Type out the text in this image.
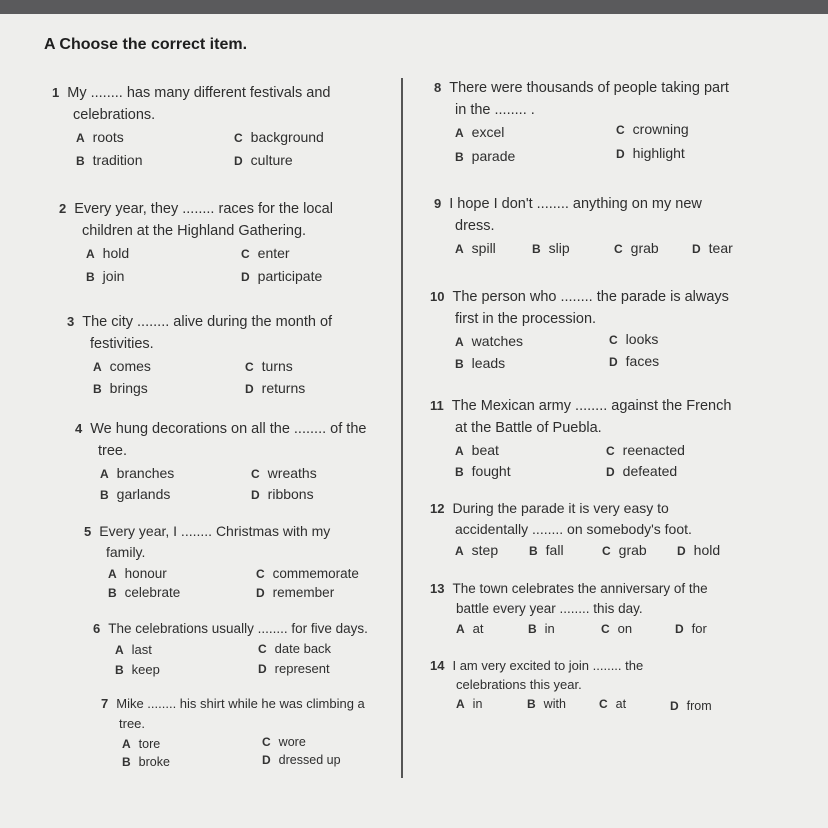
A Choose the correct item.
1 My ........ has many different festivals and
celebrations.
A roots
B tradition
C background
D culture
2 Every year, they ........ races for the local
children at the Highland Gathering.
A hold
B join
C enter
D participate
3 The city ........ alive during the month of
festivities.
A comes
B brings
C turns
D returns
4 We hung decorations on all the ........ of the
tree.
A branches
B garlands
C wreaths
D ribbons
5 Every year, I ........ Christmas with my
family.
A honour
B celebrate
C commemorate
D remember
6 The celebrations usually ........ for five days.
A last
B keep
C date back
D represent
7 Mike ........ his shirt while he was climbing a
tree.
A tore
B broke
C wore
D dressed up
8 There were thousands of people taking part
in the ........ .
A excel
B parade
C crowning
D highlight
9 I hope I don't ........ anything on my new
dress.
A spill	B slip	C grab	D tear
10 The person who ........ the parade is always
first in the procession.
A watches
B leads
C looks
D faces
11 The Mexican army ........ against the French
at the Battle of Puebla.
A beat
B fought
C reenacted
D defeated
12 During the parade it is very easy to
accidentally ........ on somebody's foot.
A step	B fall	C grab	D hold
13 The town celebrates the anniversary of the
battle every year ........ this day.
A at	B in	C on	D for
14 I am very excited to join ........ the
celebrations this year.
A in	B with	C at	D from
